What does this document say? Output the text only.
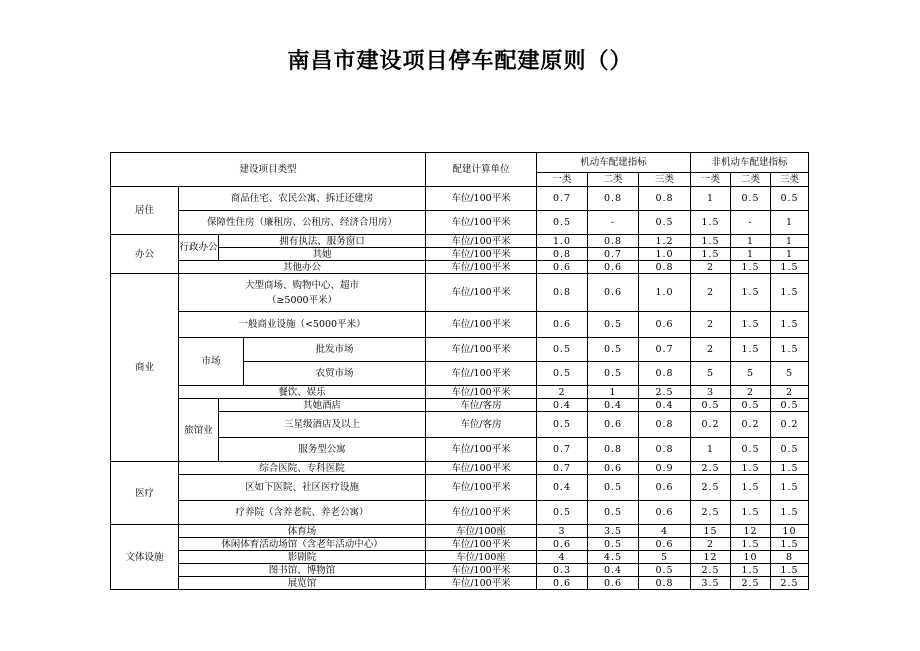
南昌市建设项目停车配建原则（）
建设项目类型				配建计算单位	机动车配建指标			非机动车配建指标		
					一类	二类	三类	一类	二类	三类
居住	商品住宅、农民公寓、拆迁还建房			车位/100平米	0.7	0.8	0.8	1	0.5	0.5
	保障性住房（廉租房、公租房、经济合用房）			车位/100平米	0.5	-	0.5	1.5	-	1
办公	行政办公	拥有执法、服务窗口		车位/100平米	1.0	0.8	1.2	1.5	1	1
		其她		车位/100平米	0.8	0.7	1.0	1.5	1	1
	其他办公			车位/100平米	0.6	0.6	0.8	2	1.5	1.5
商业	大型商场、购物中心、超市
（≥5000平米）			车位/100平米	0.8	0.6	1.0	2	1.5	1.5
	一般商业设施（<5000平米）			车位/100平米	0.6	0.5	0.6	2	1.5	1.5
	市场		批发市场	车位/100平米	0.5	0.5	0.7	2	1.5	1.5
			农贸市场	车位/100平米	0.5	0.5	0.8	5	5	5
	餐饮、娱乐			车位/100平米	2	1	2.5	3	2	2
	旅馆业	其她酒店		车位/客房	0.4	0.4	0.4	0.5	0.5	0.5
		三星级酒店及以上		车位/客房	0.5	0.6	0.8	0.2	0.2	0.2
		服务型公寓		车位/100平米	0.7	0.8	0.8	1	0.5	0.5
医疗	综合医院、专科医院			车位/100平米	0.7	0.6	0.9	2.5	1.5	1.5
	区如下医院、社区医疗设施			车位/100平米	0.4	0.5	0.6	2.5	1.5	1.5
	疗养院（含养老院、养老公寓）			车位/100平米	0.5	0.5	0.6	2.5	1.5	1.5
文体设施	体育场			车位/100座	3	3.5	4	15	12	10
	休闲体育活动场馆（含老年活动中心）			车位/100平米	0.6	0.5	0.6	2	1.5	1.5
	影剧院			车位/100座	4	4.5	5	12	10	8
	图书馆、博物馆			车位/100平米	0.3	0.4	0.5	2.5	1.5	1.5
	展览馆			车位/100平米	0.6	0.6	0.8	3.5	2.5	2.5
